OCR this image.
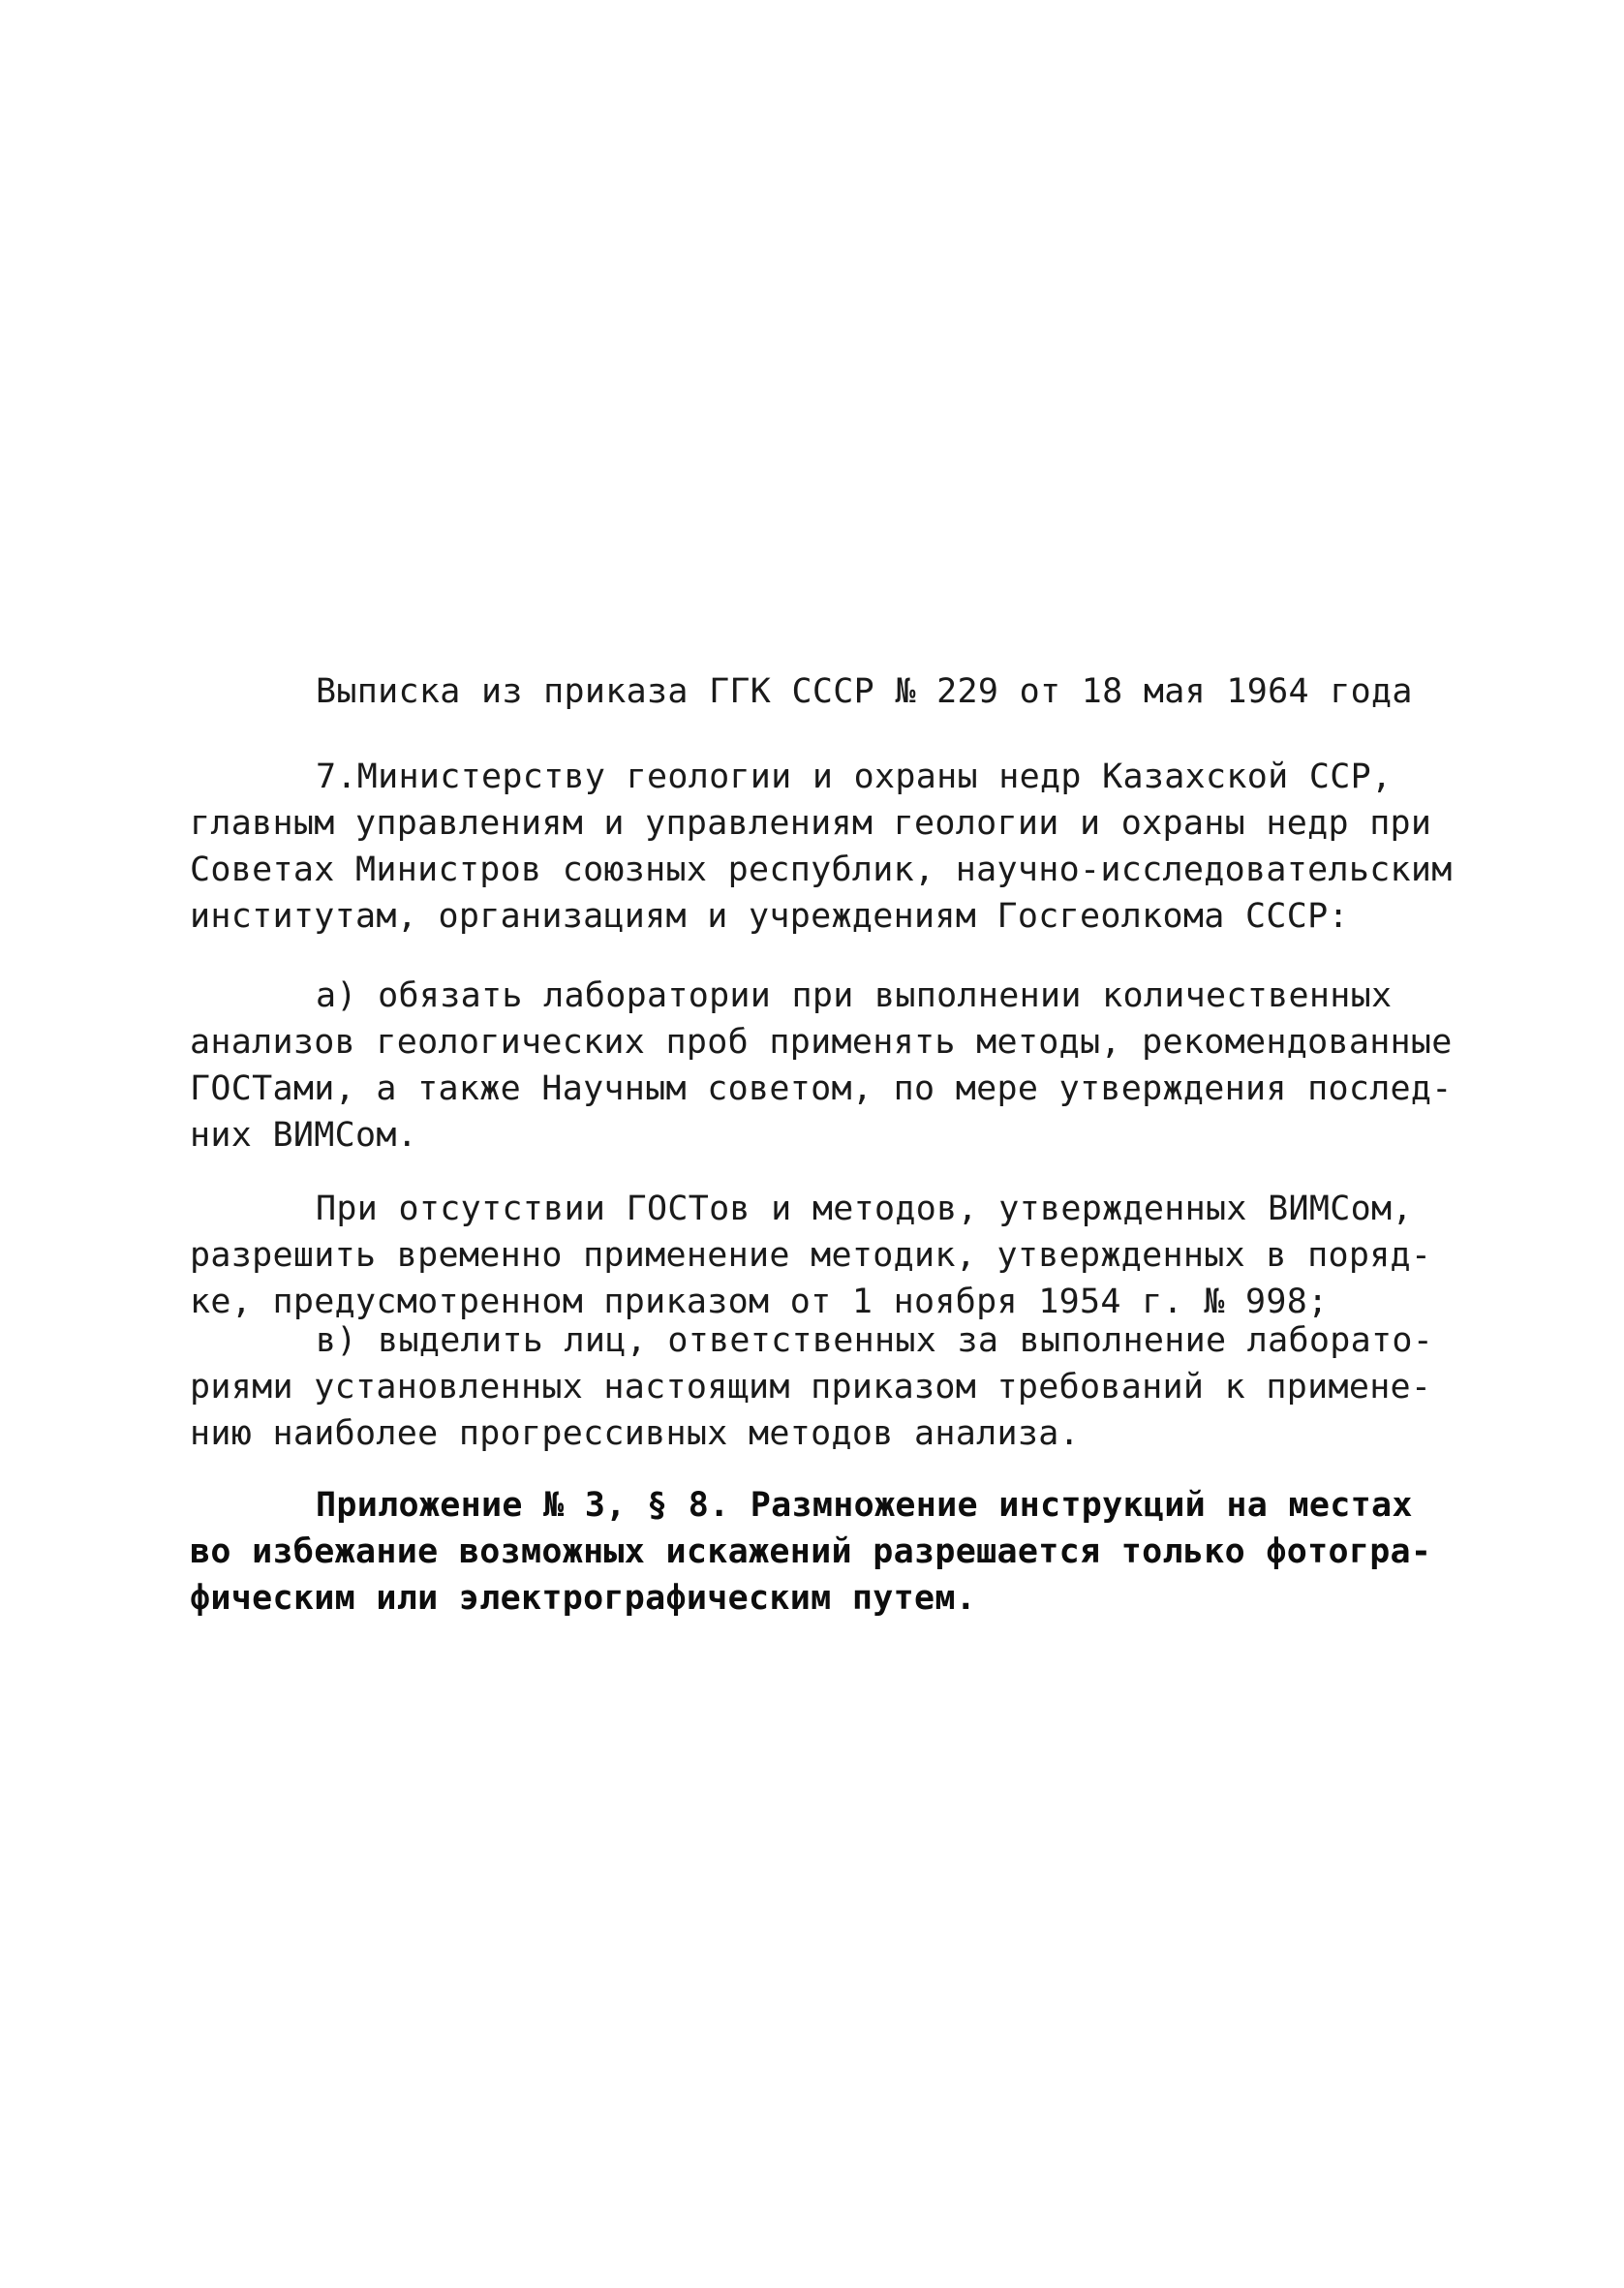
Выписка из приказа ГГК СССР № 229 от 18 мая 1964 года
7.Министерству геологии и охраны недр Казахской ССР,
главным управлениям и управлениям геологии и охраны недр при
Советах Министров союзных республик, научно-исследовательским
институтам, организациям и учреждениям Госгеолкома СССР:
а) обязать лаборатории при выполнении количественных
анализов геологических проб применять методы, рекомендованные
ГОСТами, а также Научным советом, по мере утверждения послед-
них ВИМСом.
При отсутствии ГОСТов и методов, утвержденных ВИМСом,
разрешить временно применение методик, утвержденных в поряд-
ке, предусмотренном приказом от 1 ноября 1954 г. № 998;
в) выделить лиц, ответственных за выполнение лаборато-
риями установленных настоящим приказом требований к примене-
нию наиболее прогрессивных методов анализа.
Приложение № 3, § 8. Размножение инструкций на местах
во избежание возможных искажений разрешается только фотогра-
фическим или электрографическим путем.
